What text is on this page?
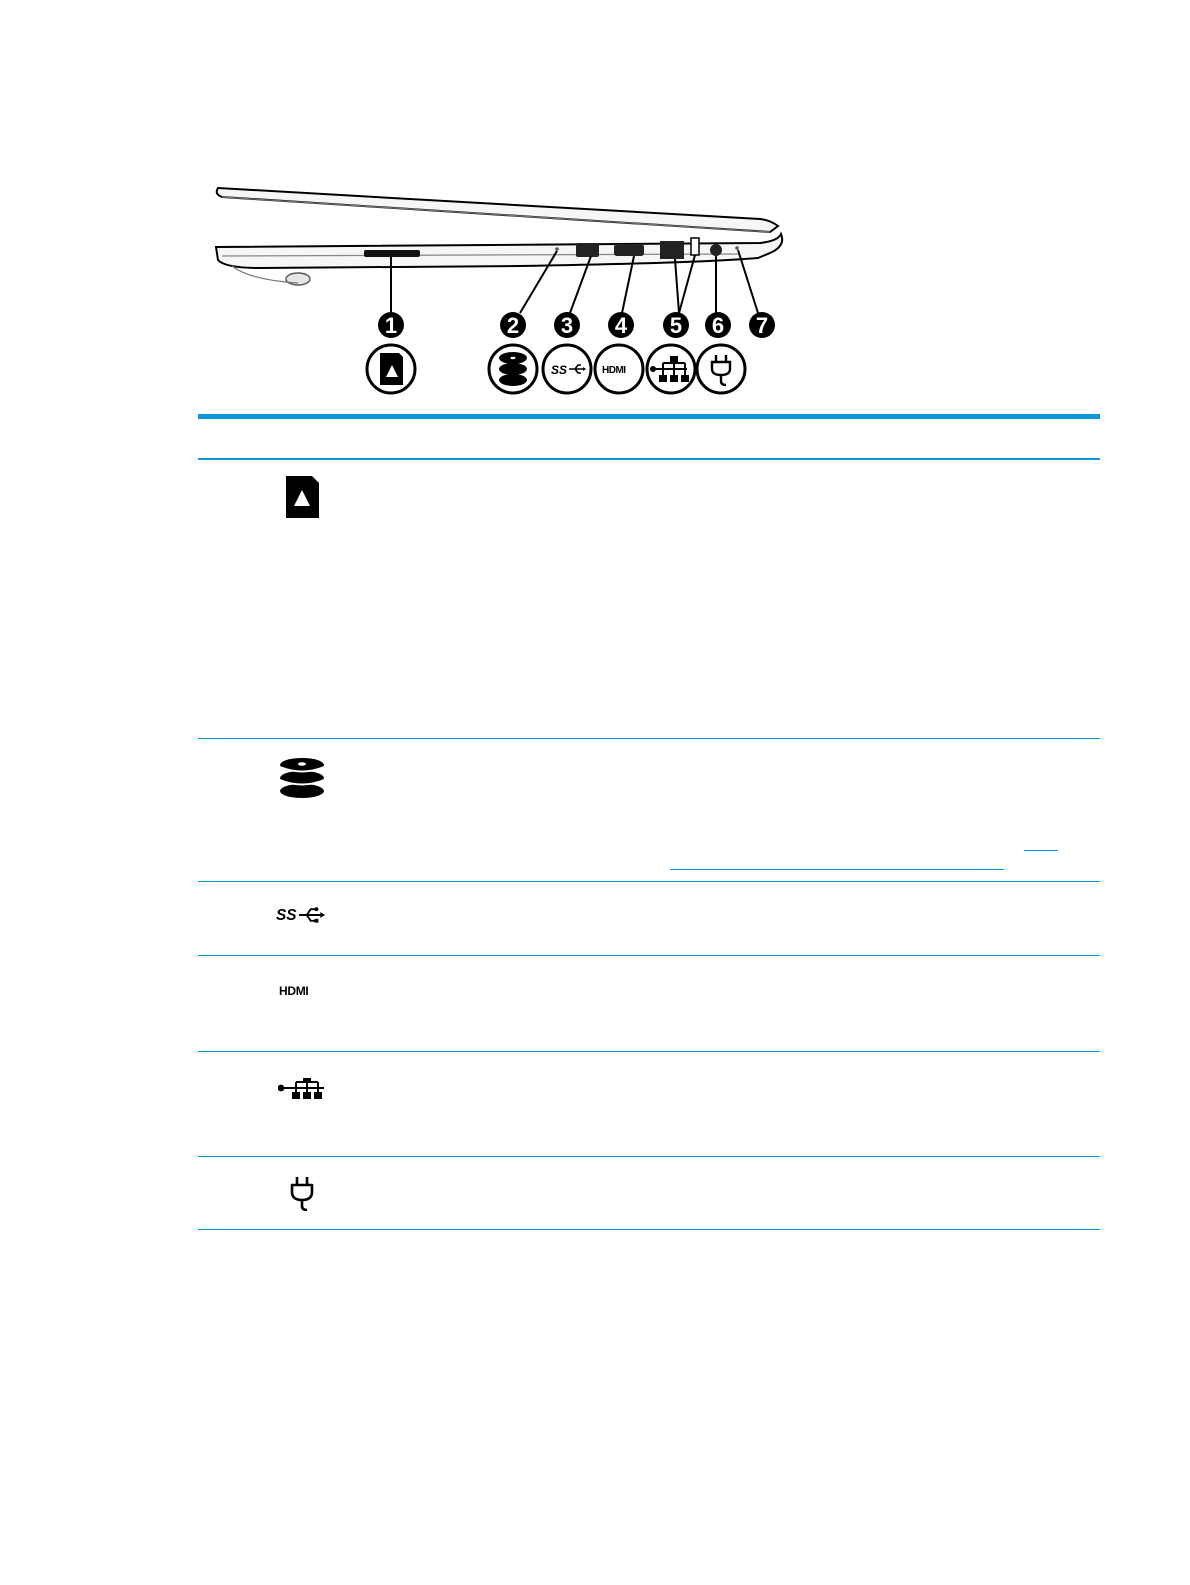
1	2 3 4 5 6 7
SS	HDMI
SS
HDMI
